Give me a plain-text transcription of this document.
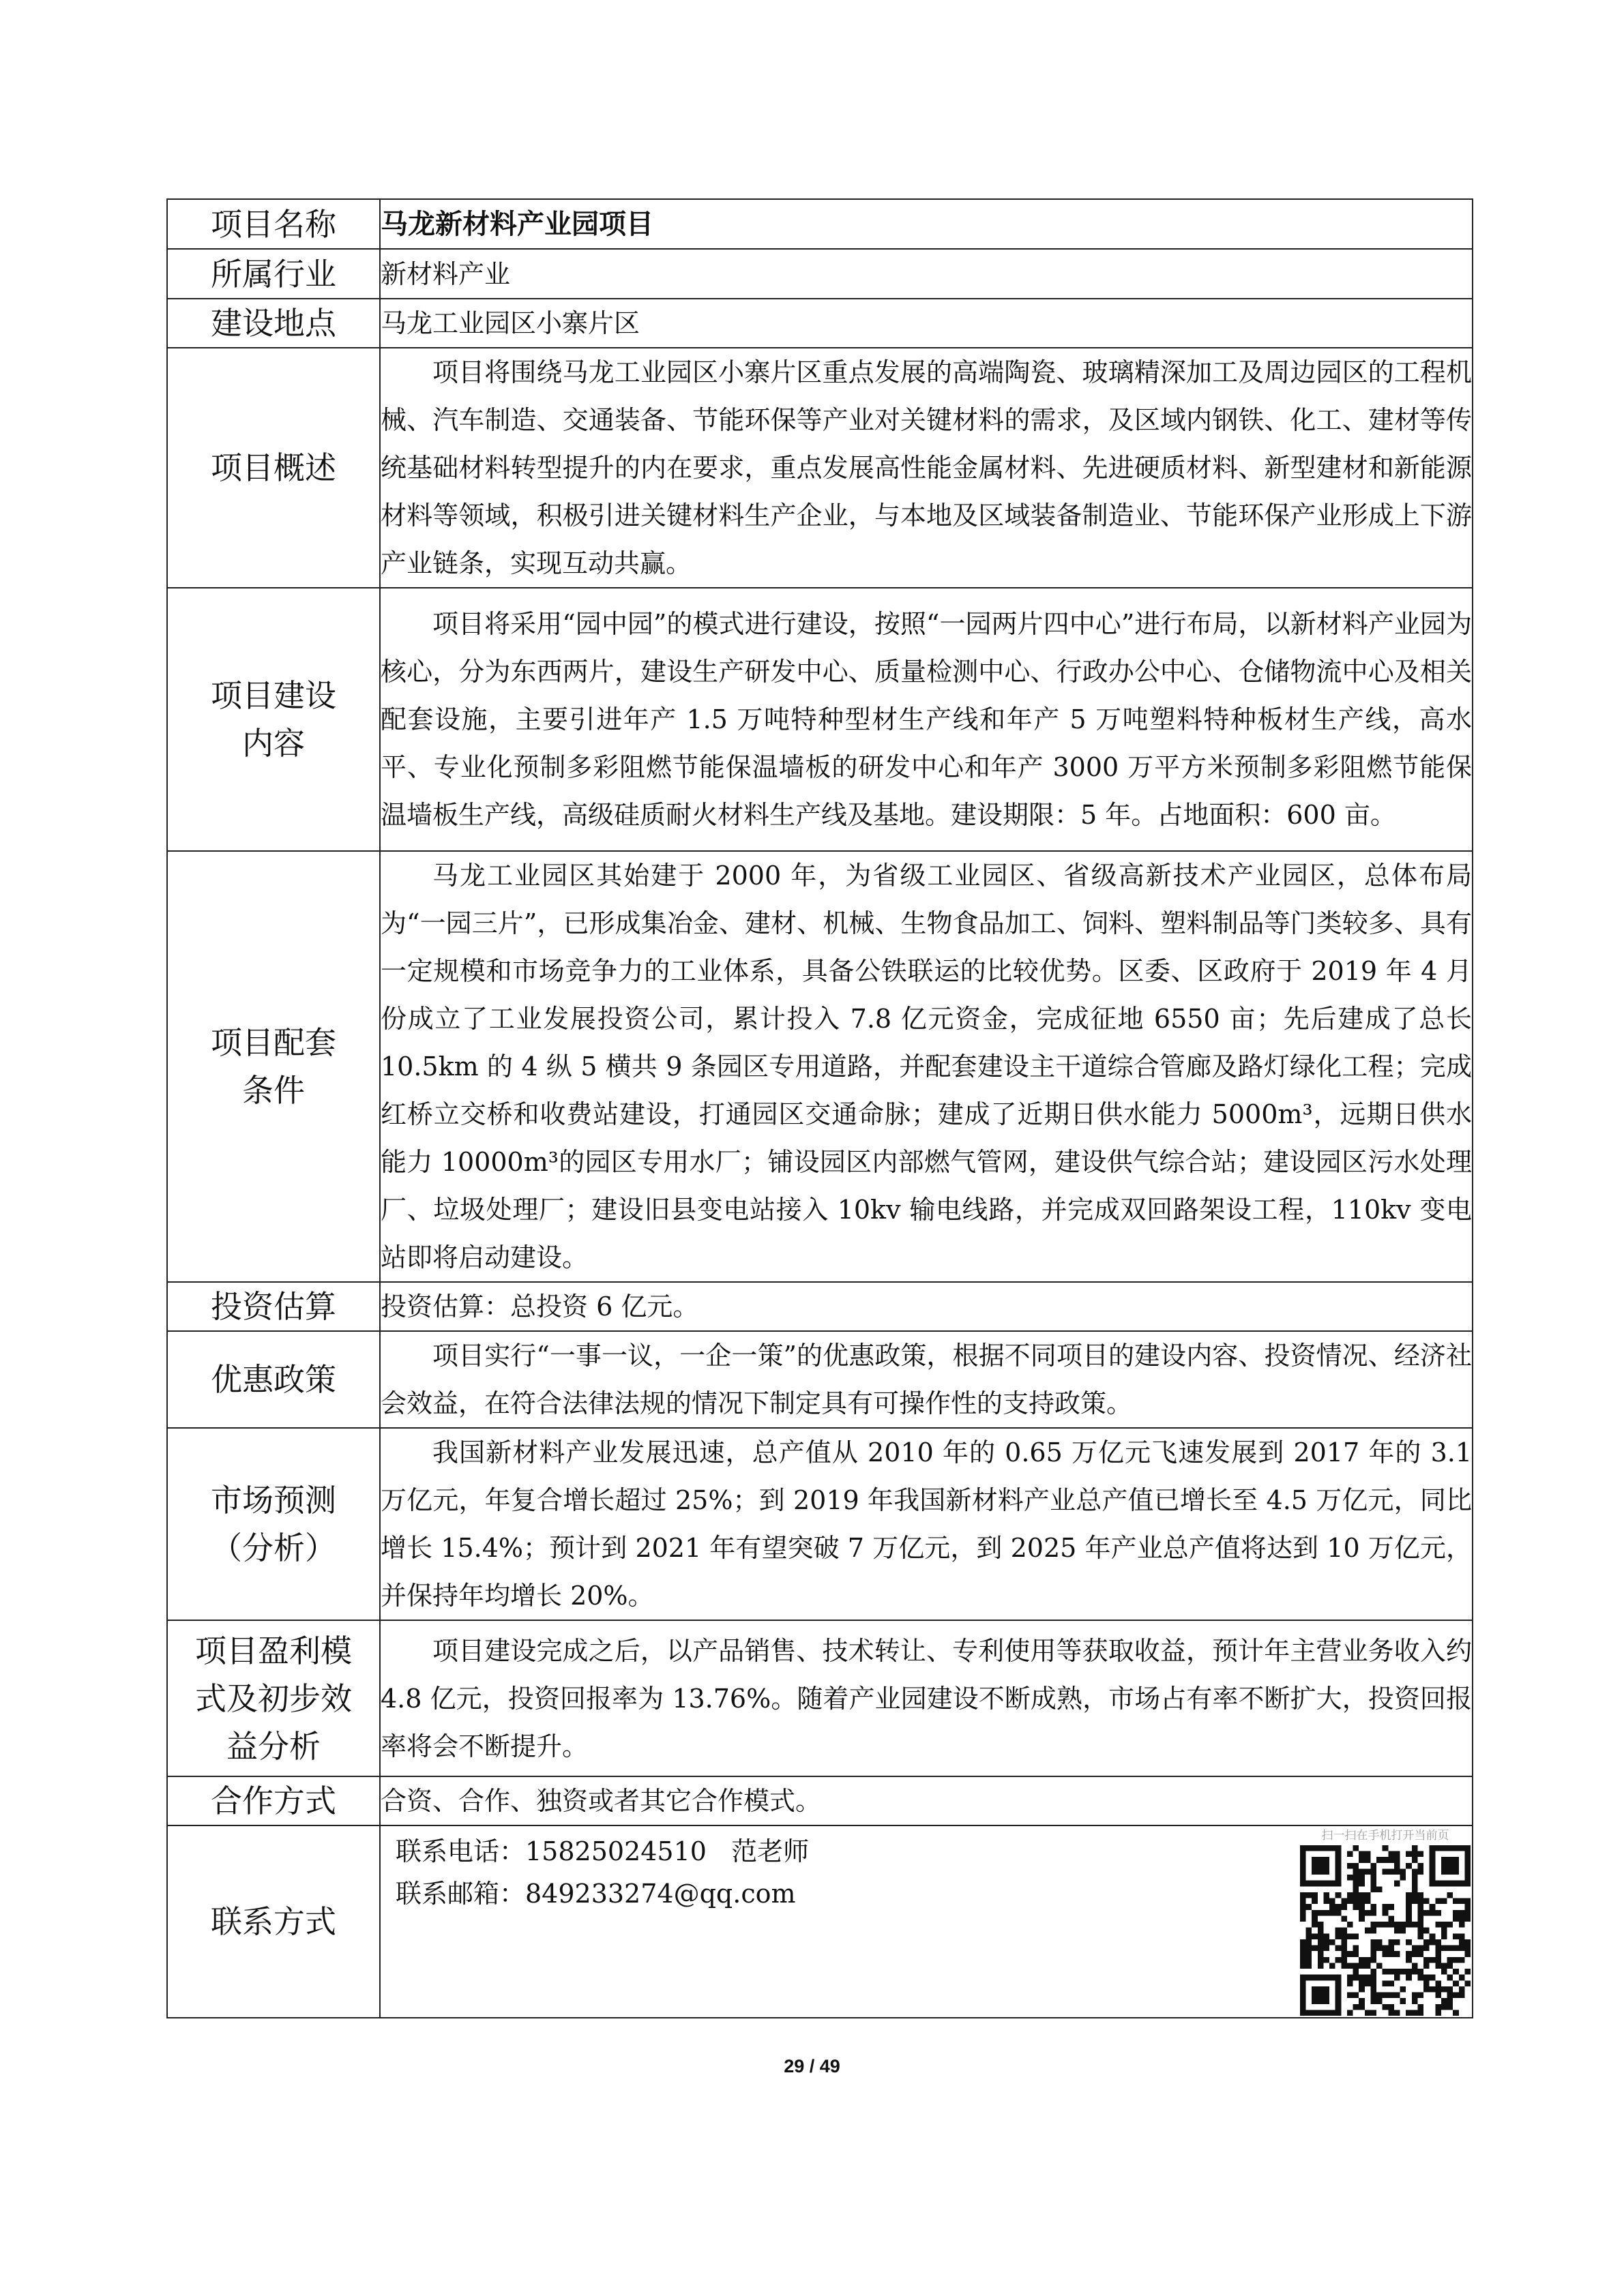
项目名称	马龙新材料产业园项目
所属行业	新材料产业
建设地点	马龙工业园区小寨片区
项目概述	项目将围绕马龙工业园区小寨片区重点发展的高端陶瓷、玻璃精深加工及周边园区的工程机械、汽车制造、交通装备、节能环保等产业对关键材料的需求，及区域内钢铁、化工、建材等传统基础材料转型提升的内在要求，重点发展高性能金属材料、先进硬质材料、新型建材和新能源材料等领域，积极引进关键材料生产企业，与本地及区域装备制造业、节能环保产业形成上下游产业链条，实现互动共赢。

项目建设
内容	项目将采用“园中园”的模式进行建设，按照“一园两片四中心”进行布局，以新材料产业园为核心，分为东西两片，建设生产研发中心、质量检测中心、行政办公中心、仓储物流中心及相关配套设施，主要引进年产 1.5 万吨特种型材生产线和年产 5 万吨塑料特种板材生产线，高水平、专业化预制多彩阻燃节能保温墙板的研发中心和年产 3000 万平方米预制多彩阻燃节能保温墙板生产线，高级硅质耐火材料生产线及基地。建设期限：5 年。占地面积：600 亩。

项目配套
条件	马龙工业园区其始建于 2000 年，为省级工业园区、省级高新技术产业园区，总体布局为“一园三片”，已形成集冶金、建材、机械、生物食品加工、饲料、塑料制品等门类较多、具有一定规模和市场竞争力的工业体系，具备公铁联运的比较优势。区委、区政府于 2019 年 4 月份成立了工业发展投资公司，累计投入 7.8 亿元资金，完成征地 6550 亩；先后建成了总长 10.5km 的 4 纵 5 横共 9 条园区专用道路，并配套建设主干道综合管廊及路灯绿化工程；完成红桥立交桥和收费站建设，打通园区交通命脉；建成了近期日供水能力 5000m³，远期日供水能力 10000m³的园区专用水厂；铺设园区内部燃气管网，建设供气综合站；建设园区污水处理厂、垃圾处理厂；建设旧县变电站接入 10kv 输电线路，并完成双回路架设工程，110kv 变电站即将启动建设。

投资估算	投资估算：总投资 6 亿元。
优惠政策	项目实行“一事一议，一企一策”的优惠政策，根据不同项目的建设内容、投资情况、经济社会效益，在符合法律法规的情况下制定具有可操作性的支持政策。

市场预测
（分析）	我国新材料产业发展迅速，总产值从 2010 年的 0.65 万亿元飞速发展到 2017 年的 3.1 万亿元，年复合增长超过 25%；到 2019 年我国新材料产业总产值已增长至 4.5 万亿元，同比增长 15.4%；预计到 2021 年有望突破 7 万亿元，到 2025 年产业总产值将达到 10 万亿元，并保持年均增长 20%。

项目盈利模
式及初步效
益分析	项目建设完成之后，以产品销售、技术转让、专利使用等获取收益，预计年主营业务收入约 4.8 亿元，投资回报率为 13.76%。随着产业园建设不断成熟，市场占有率不断扩大，投资回报率将会不断提升。

合作方式	合资、合作、独资或者其它合作模式。
联系方式	联系电话：15825024510   范老师
联系邮箱：849233274@qq.com
扫一扫在手机打开当前页
29 / 49
